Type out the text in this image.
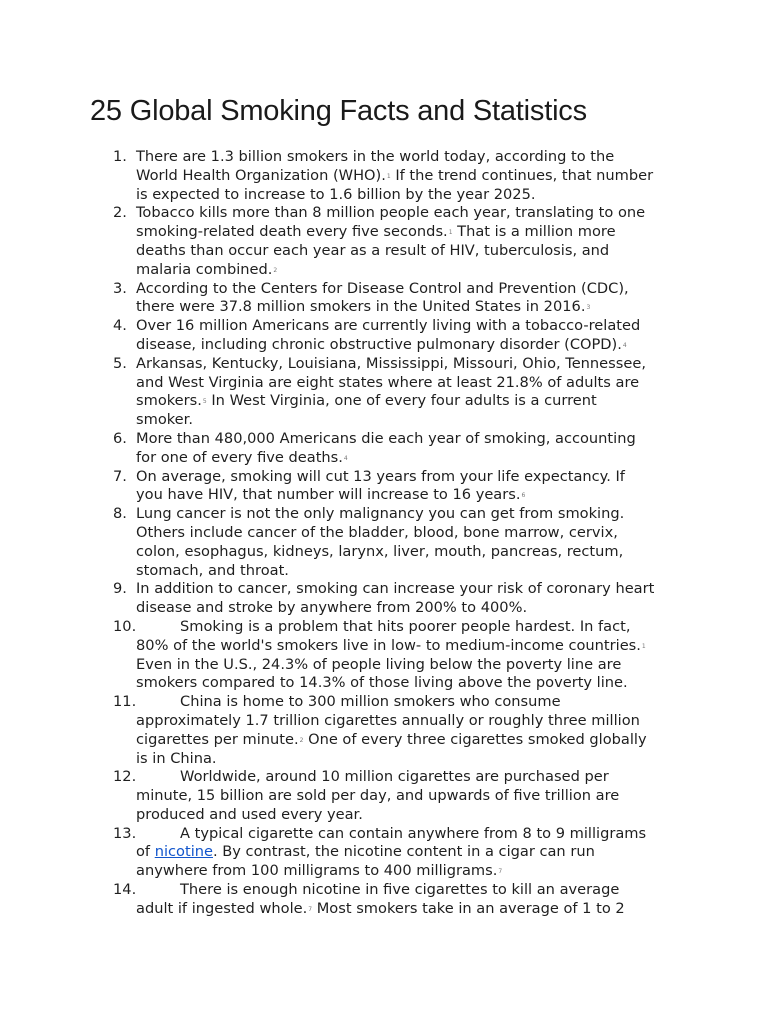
25 Global Smoking Facts and Statistics
1. There are 1.3 billion smokers in the world today, according to the
World Health Organization (WHO).$^1$ If the trend continues, that number
is expected to increase to 1.6 billion by the year 2025.
2. Tobacco kills more than 8 million people each year, translating to one
smoking-related death every five seconds.$^1$ That is a million more
deaths than occur each year as a result of HIV, tuberculosis, and
malaria combined.$^2$
3. According to the Centers for Disease Control and Prevention (CDC),
there were 37.8 million smokers in the United States in 2016.$^3$
4. Over 16 million Americans are currently living with a tobacco-related
disease, including chronic obstructive pulmonary disorder (COPD).$^4$
5. Arkansas, Kentucky, Louisiana, Mississippi, Missouri, Ohio, Tennessee,
and West Virginia are eight states where at least 21.8% of adults are
smokers.$^5$ In West Virginia, one of every four adults is a current
smoker.
6. More than 480,000 Americans die each year of smoking, accounting
for one of every five deaths.$^4$
7. On average, smoking will cut 13 years from your life expectancy. If
you have HIV, that number will increase to 16 years.$^6$
8. Lung cancer is not the only malignancy you can get from smoking.
Others include cancer of the bladder, blood, bone marrow, cervix,
colon, esophagus, kidneys, larynx, liver, mouth, pancreas, rectum,
stomach, and throat.
9. In addition to cancer, smoking can increase your risk of coronary heart
disease and stroke by anywhere from 200% to 400%.
10.	Smoking is a problem that hits poorer people hardest. In fact,
80% of the world's smokers live in low- to medium-income countries.$^1$
Even in the U.S., 24.3% of people living below the poverty line are
smokers compared to 14.3% of those living above the poverty line.
11.	China is home to 300 million smokers who consume
approximately 1.7 trillion cigarettes annually or roughly three million
cigarettes per minute.$^2$ One of every three cigarettes smoked globally
is in China.
12.	Worldwide, around 10 million cigarettes are purchased per
minute, 15 billion are sold per day, and upwards of five trillion are
produced and used every year.
13.	A typical cigarette can contain anywhere from 8 to 9 milligrams
of nicotine. By contrast, the nicotine content in a cigar can run
anywhere from 100 milligrams to 400 milligrams.$^7$
14.	There is enough nicotine in five cigarettes to kill an average
adult if ingested whole.$^7$ Most smokers take in an average of 1 to 2
